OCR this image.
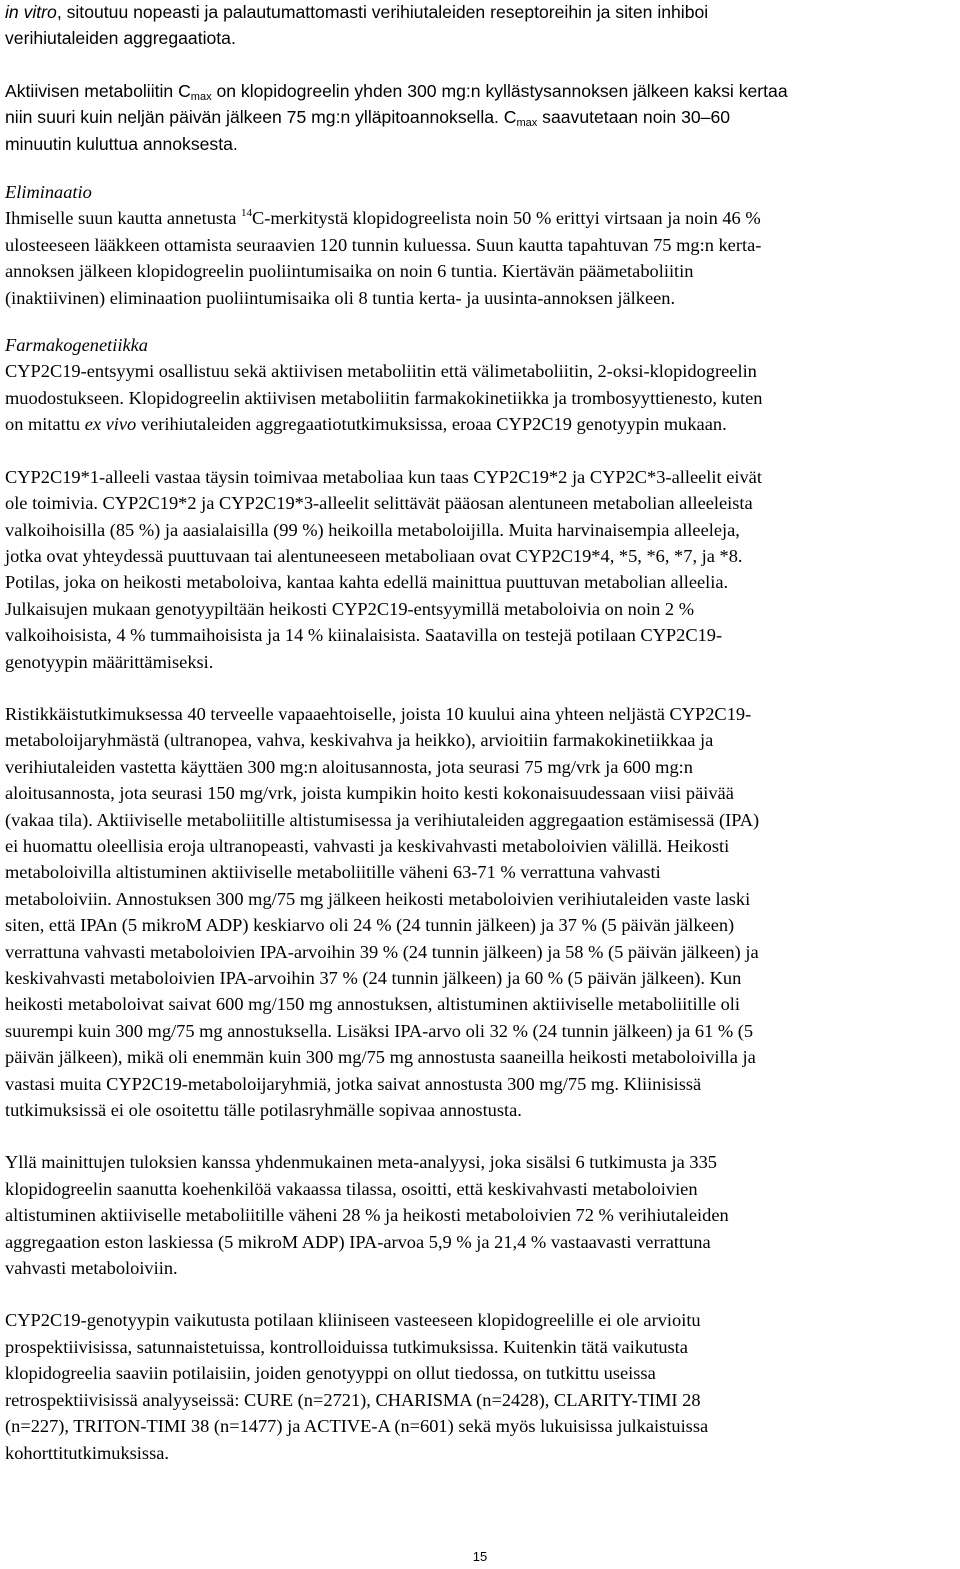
in vitro, sitoutuu nopeasti ja palautumattomasti verihiutaleiden reseptoreihin ja siten inhiboi

verihiutaleiden aggregaatiota.

Aktiivisen metaboliitin $C_{max}$ on klopidogreelin yhden 300 mg:n kyllästysannoksen jälkeen kaksi kertaa

niin suuri kuin neljän päivän jälkeen 75 mg:n ylläpitoannoksella. $C_{max}$ saavutetaan noin 30–60

minuutin kuluttua annoksesta.

Eliminaatio

Ihmiselle suun kautta annetusta $^{14}$C-merkitystä klopidogreelista noin 50 % erittyi virtsaan ja noin 46 %

ulosteeseen lääkkeen ottamista seuraavien 120 tunnin kuluessa. Suun kautta tapahtuvan 75 mg:n kerta-

annoksen jälkeen klopidogreelin puoliintumisaika on noin 6 tuntia. Kiertävän päämetaboliitin

(inaktiivinen) eliminaation puoliintumisaika oli 8 tuntia kerta- ja uusinta-annoksen jälkeen.

Farmakogenetiikka

CYP2C19-entsyymi osallistuu sekä aktiivisen metaboliitin että välimetaboliitin, 2-oksi-klopidogreelin

muodostukseen. Klopidogreelin aktiivisen metaboliitin farmakokinetiikka ja trombosyyttienesto, kuten

on mitattu ex vivo verihiutaleiden aggregaatiotutkimuksissa, eroaa CYP2C19 genotyypin mukaan.

CYP2C19*1-alleeli vastaa täysin toimivaa metaboliaa kun taas CYP2C19*2 ja CYP2C*3-alleelit eivät

ole toimivia. CYP2C19*2 ja CYP2C19*3-alleelit selittävät pääosan alentuneen metabolian alleeleista

valkoihoisilla (85 %) ja aasialaisilla (99 %) heikoilla metaboloijilla. Muita harvinaisempia alleeleja,

jotka ovat yhteydessä puuttuvaan tai alentuneeseen metaboliaan ovat CYP2C19*4, *5, *6, *7, ja *8.

Potilas, joka on heikosti metaboloiva, kantaa kahta edellä mainittua puuttuvan metabolian alleelia.

Julkaisujen mukaan genotyypiltään heikosti CYP2C19-entsyymillä metaboloivia on noin 2 %

valkoihoisista, 4 % tummaihoisista ja 14 % kiinalaisista. Saatavilla on testejä potilaan CYP2C19-

genotyypin määrittämiseksi.

Ristikkäistutkimuksessa 40 terveelle vapaaehtoiselle, joista 10 kuului aina yhteen neljästä CYP2C19-

metaboloijaryhmästä (ultranopea, vahva, keskivahva ja heikko), arvioitiin farmakokinetiikkaa ja

verihiutaleiden vastetta käyttäen 300 mg:n aloitusannosta, jota seurasi 75 mg/vrk ja 600 mg:n

aloitusannosta, jota seurasi 150 mg/vrk, joista kumpikin hoito kesti kokonaisuudessaan viisi päivää

(vakaa tila). Aktiiviselle metaboliitille altistumisessa ja verihiutaleiden aggregaation estämisessä (IPA)

ei huomattu oleellisia eroja ultranopeasti, vahvasti ja keskivahvasti metaboloivien välillä. Heikosti

metaboloivilla altistuminen aktiiviselle metaboliitille väheni 63-71 % verrattuna vahvasti

metaboloiviin. Annostuksen 300 mg/75 mg jälkeen heikosti metaboloivien verihiutaleiden vaste laski

siten, että IPAn (5 mikroM ADP) keskiarvo oli 24 % (24 tunnin jälkeen) ja 37 % (5 päivän jälkeen)

verrattuna vahvasti metaboloivien IPA-arvoihin 39 % (24 tunnin jälkeen) ja 58 % (5 päivän jälkeen) ja

keskivahvasti metaboloivien IPA-arvoihin 37 % (24 tunnin jälkeen) ja 60 % (5 päivän jälkeen). Kun

heikosti metaboloivat saivat 600 mg/150 mg annostuksen, altistuminen aktiiviselle metaboliitille oli

suurempi kuin 300 mg/75 mg annostuksella. Lisäksi IPA-arvo oli 32 % (24 tunnin jälkeen) ja 61 % (5

päivän jälkeen), mikä oli enemmän kuin 300 mg/75 mg annostusta saaneilla heikosti metaboloivilla ja

vastasi muita CYP2C19-metaboloijaryhmiä, jotka saivat annostusta 300 mg/75 mg. Kliinisissä

tutkimuksissä ei ole osoitettu tälle potilasryhmälle sopivaa annostusta.

Yllä mainittujen tuloksien kanssa yhdenmukainen meta-analyysi, joka sisälsi 6 tutkimusta ja 335

klopidogreelin saanutta koehenkilöä vakaassa tilassa, osoitti, että keskivahvasti metaboloivien

altistuminen aktiiviselle metaboliitille väheni 28 % ja heikosti metaboloivien 72 % verihiutaleiden

aggregaation eston laskiessa (5 mikroM ADP) IPA-arvoa 5,9 % ja 21,4 % vastaavasti verrattuna

vahvasti metaboloiviin.

CYP2C19-genotyypin vaikutusta potilaan kliiniseen vasteeseen klopidogreelille ei ole arvioitu

prospektiivisissa, satunnaistetuissa, kontrolloiduissa tutkimuksissa. Kuitenkin tätä vaikutusta

klopidogreelia saaviin potilaisiin, joiden genotyyppi on ollut tiedossa, on tutkittu useissa

retrospektiivisissä analyyseissä: CURE (n=2721), CHARISMA (n=2428), CLARITY-TIMI 28

(n=227), TRITON-TIMI 38 (n=1477) ja ACTIVE-A (n=601) sekä myös lukuisissa julkaistuissa

kohorttitutkimuksissa.

15
